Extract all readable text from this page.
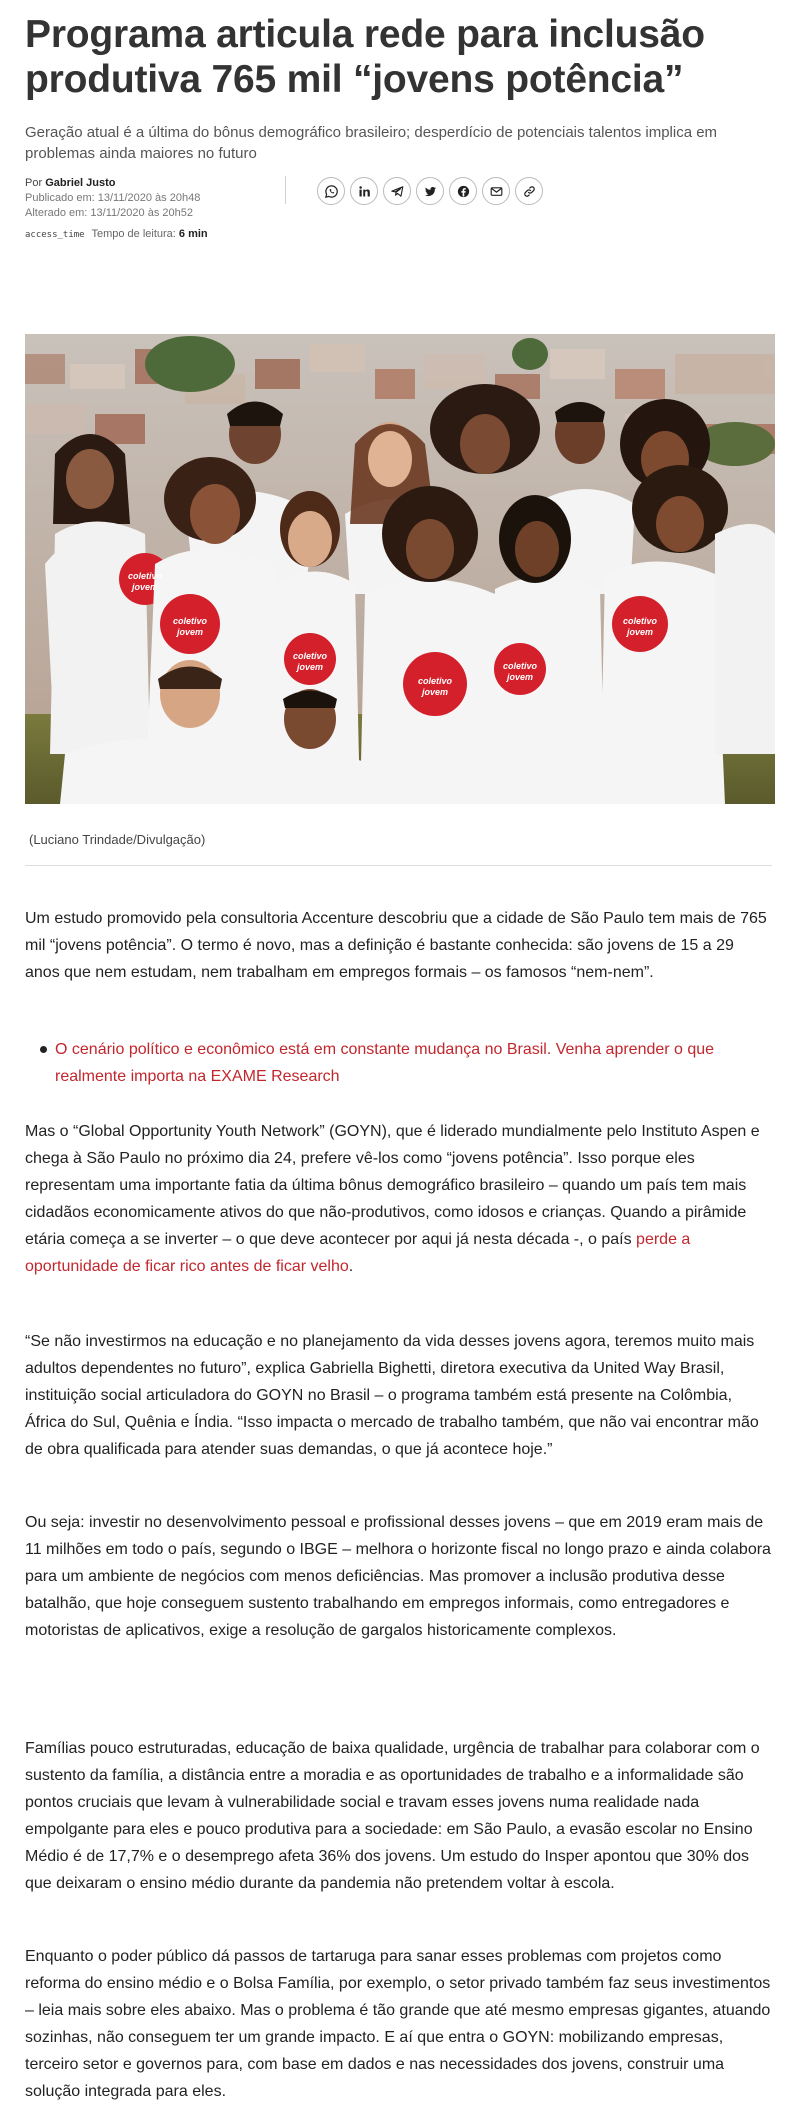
Programa articula rede para inclusão produtiva 765 mil “jovens potência”

Geração atual é a última do bônus demográfico brasileiro; desperdício de potenciais talentos implica em problemas ainda maiores no futuro

Por Gabriel Justo
Publicado em: 13/11/2020 às 20h48
Alterado em: 13/11/2020 às 20h52
access_time Tempo de leitura: 6 min
coletivo
jovem
coletivo
jovem
coletivo
jovem
coletivo
jovem
coletivo
jovem
coletivo
jovem
(Luciano Trindade/Divulgação)

Um estudo promovido pela consultoria Accenture descobriu que a cidade de São Paulo tem mais de 765 mil “jovens potência”. O termo é novo, mas a definição é bastante conhecida: são jovens de 15 a 29 anos que nem estudam, nem trabalham em empregos formais – os famosos “nem-nem”.

O cenário político e econômico está em constante mudança no Brasil. Venha aprender o que realmente importa na EXAME Research

Mas o “Global Opportunity Youth Network” (GOYN), que é liderado mundialmente pelo Instituto Aspen e chega à São Paulo no próximo dia 24, prefere vê-los como “jovens potência”. Isso porque eles representam uma importante fatia da última bônus demográfico brasileiro – quando um país tem mais cidadãos economicamente ativos do que não-produtivos, como idosos e crianças. Quando a pirâmide etária começa a se inverter – o que deve acontecer por aqui já nesta década -, o país perde a oportunidade de ficar rico antes de ficar velho.

“Se não investirmos na educação e no planejamento da vida desses jovens agora, teremos muito mais adultos dependentes no futuro”, explica Gabriella Bighetti, diretora executiva da United Way Brasil, instituição social articuladora do GOYN no Brasil – o programa também está presente na Colômbia, África do Sul, Quênia e Índia. “Isso impacta o mercado de trabalho também, que não vai encontrar mão de obra qualificada para atender suas demandas, o que já acontece hoje.”

Ou seja: investir no desenvolvimento pessoal e profissional desses jovens – que em 2019 eram mais de 11 milhões em todo o país, segundo o IBGE – melhora o horizonte fiscal no longo prazo e ainda colabora para um ambiente de negócios com menos deficiências. Mas promover a inclusão produtiva desse batalhão, que hoje conseguem sustento trabalhando em empregos informais, como entregadores e motoristas de aplicativos, exige a resolução de gargalos historicamente complexos.

Famílias pouco estruturadas, educação de baixa qualidade, urgência de trabalhar para colaborar com o sustento da família, a distância entre a moradia e as oportunidades de trabalho e a informalidade são pontos cruciais que levam à vulnerabilidade social e travam esses jovens numa realidade nada empolgante para eles e pouco produtiva para a sociedade: em São Paulo, a evasão escolar no Ensino Médio é de 17,7% e o desemprego afeta 36% dos jovens. Um estudo do Insper apontou que 30% dos que deixaram o ensino médio durante da pandemia não pretendem voltar à escola.

Enquanto o poder público dá passos de tartaruga para sanar esses problemas com projetos como reforma do ensino médio e o Bolsa Família, por exemplo, o setor privado também faz seus investimentos – leia mais sobre eles abaixo. Mas o problema é tão grande que até mesmo empresas gigantes, atuando sozinhas, não conseguem ter um grande impacto. E aí que entra o GOYN: mobilizando empresas, terceiro setor e governos para, com base em dados e nas necessidades dos jovens, construir uma solução integrada para eles.
